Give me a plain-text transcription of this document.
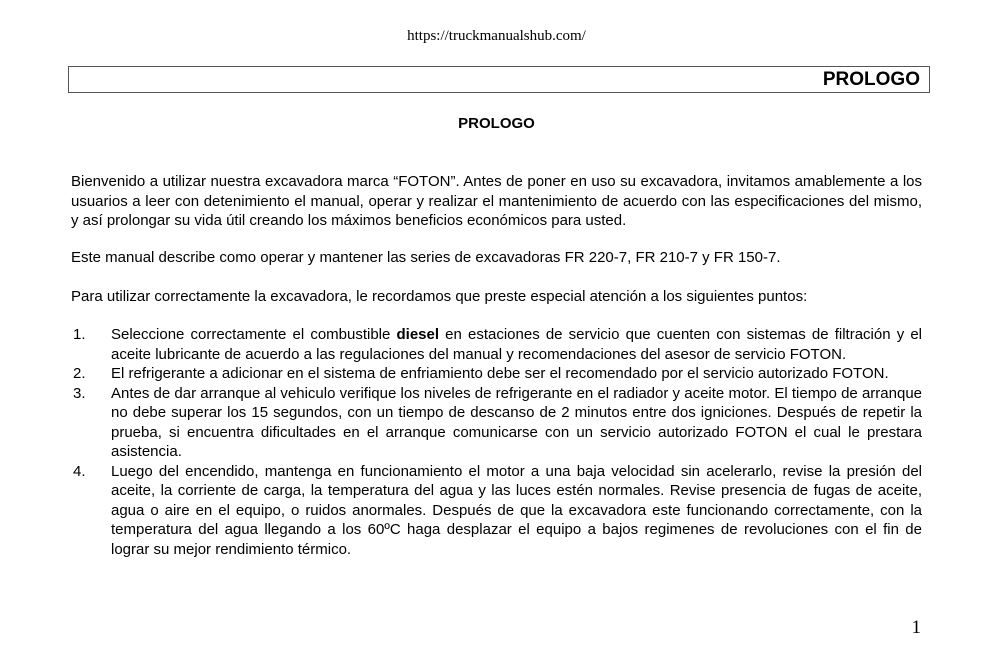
https://truckmanualshub.com/
PROLOGO
PROLOGO

Bienvenido a utilizar nuestra excavadora marca “FOTON”. Antes de poner en uso su excavadora, invitamos amablemente a los usuarios a leer con detenimiento el manual, operar y realizar el mantenimiento de acuerdo con las especificaciones del mismo, y así prolongar su vida útil creando los máximos beneficios económicos para usted.

Este manual describe como operar y mantener las series de excavadoras FR 220-7, FR 210-7 y FR 150-7.

Para utilizar correctamente la excavadora, le recordamos que preste especial atención a los siguientes puntos:

1.	Seleccione correctamente el combustible diesel en estaciones de servicio que cuenten con sistemas de filtración y el aceite lubricante de acuerdo a las regulaciones del manual y recomendaciones del asesor de servicio FOTON.
2.	El refrigerante a adicionar en el sistema de enfriamiento debe ser el recomendado por el servicio autorizado FOTON.
3.	Antes de dar arranque al vehiculo verifique los niveles de refrigerante en el radiador y aceite motor. El tiempo de arranque no debe superar los 15 segundos, con un tiempo de descanso de 2 minutos entre dos igniciones. Después de repetir la prueba, si encuentra dificultades en el arranque comunicarse con un servicio autorizado FOTON el cual le prestara asistencia.
4.	Luego del encendido, mantenga en funcionamiento el motor a una baja velocidad sin acelerarlo, revise la presión del aceite, la corriente de carga, la temperatura del agua y las luces estén normales. Revise presencia de fugas de aceite, agua o aire en el equipo, o ruidos anormales. Después de que la excavadora este funcionando correctamente, con la temperatura del agua llegando a los 60ºC haga desplazar el equipo a bajos regimenes de revoluciones con el fin de lograr su mejor rendimiento térmico.
1
